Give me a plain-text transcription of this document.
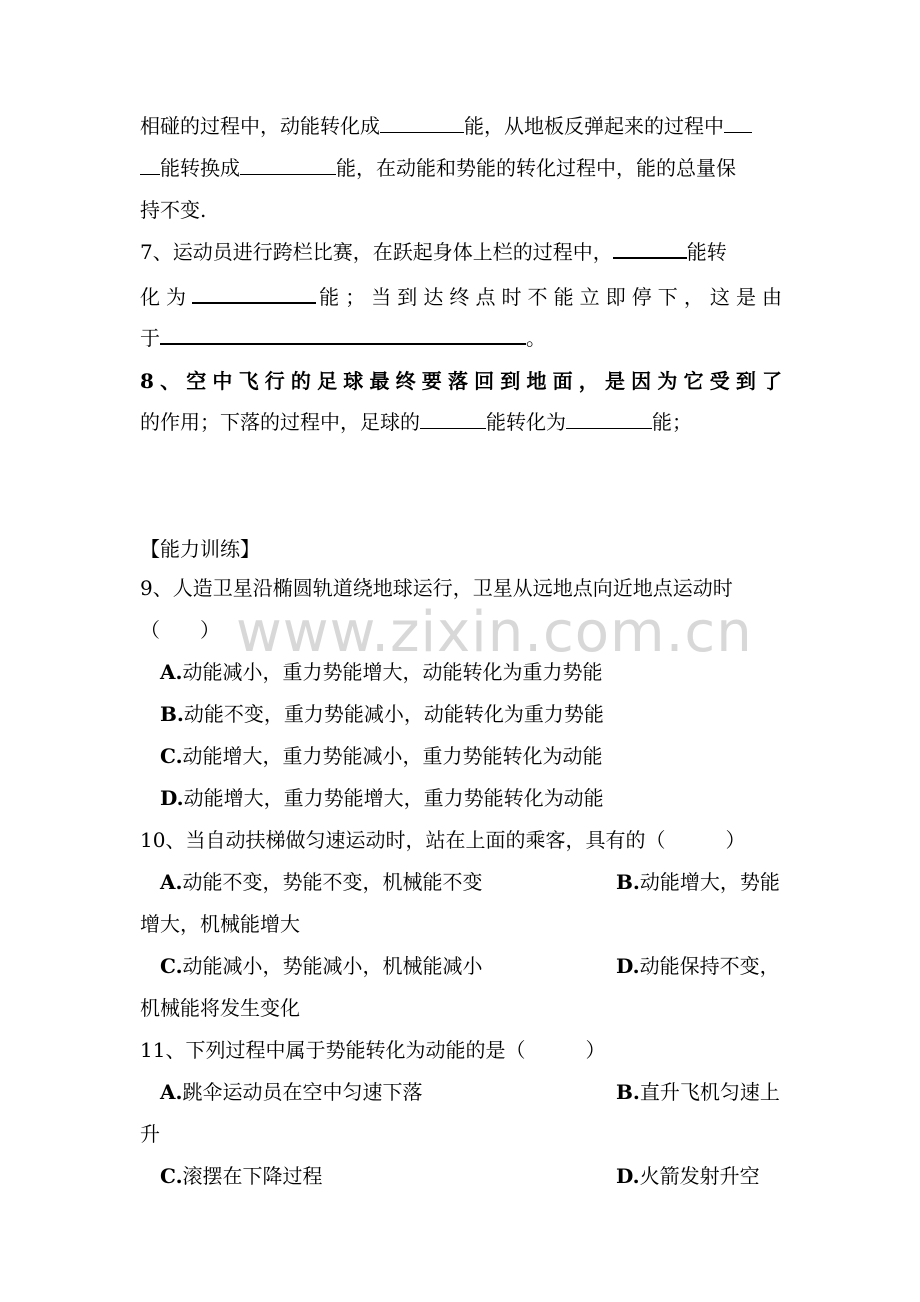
www.zixin.com.cn
相碰的过程中，动能转化成	能，从地板反弹起来的过程中
能转换成	能，在动能和势能的转化过程中，能的总量保
持不变.
7、运动员进行跨栏比赛，在跃起身体上栏的过程中，	能转
化为	能；当到达终点时不能立即停下，这是由
于	。
8、空中飞行的足球最终要落回到地面，是因为它受到了
的作用；下落的过程中，足球的	能转化为	能；
【能力训练】
9、人造卫星沿椭圆轨道绕地球运行，卫星从远地点向近地点运动时
（　　）
A.动能减小，重力势能增大，动能转化为重力势能
B.动能不变，重力势能减小，动能转化为重力势能
C.动能增大，重力势能减小，重力势能转化为动能
D.动能增大，重力势能增大，重力势能转化为动能
10、当自动扶梯做匀速运动时，站在上面的乘客，具有的（　　　）
A.动能不变，势能不变，机械能不变	B.动能增大，势能
增大，机械能增大
C.动能减小，势能减小，机械能减小	D.动能保持不变，
机械能将发生变化
11、下列过程中属于势能转化为动能的是（　　　）
A.跳伞运动员在空中匀速下落	B.直升飞机匀速上
升
C.滚摆在下降过程	D.火箭发射升空
